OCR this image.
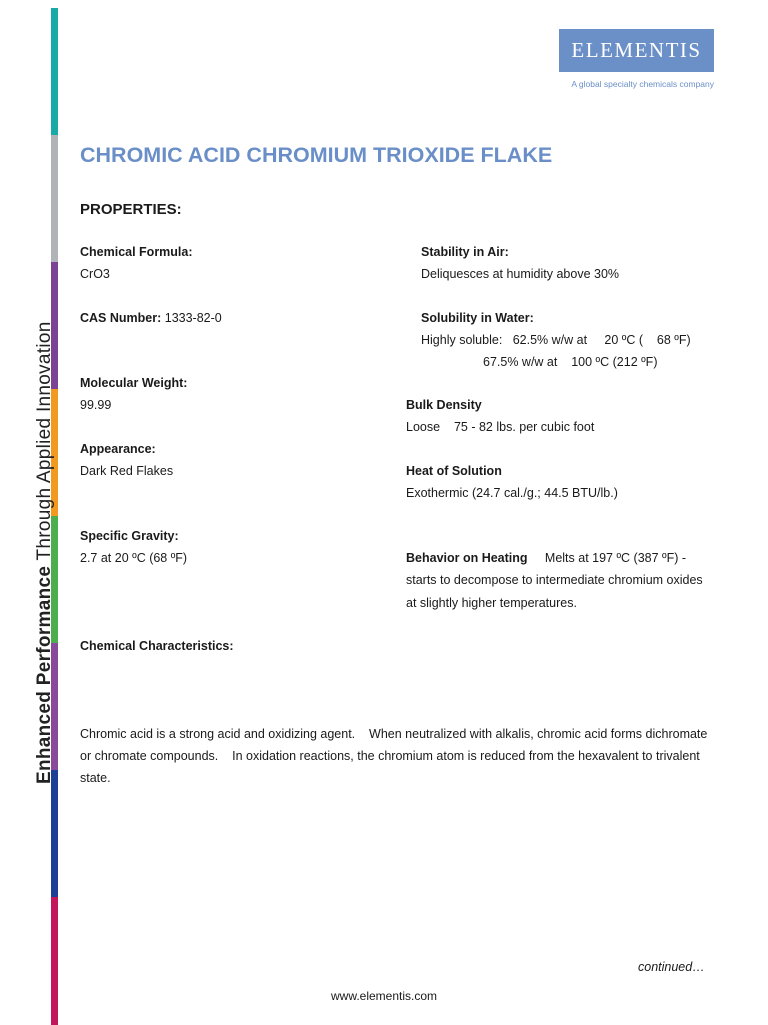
Enhanced Performance Through Applied Innovation
ELEMENTIS
A global specialty chemicals company
CHROMIC ACID CHROMIUM TRIOXIDE FLAKE
PROPERTIES:
Chemical Formula:
CrO3
CAS Number: 1333-82-0
Molecular Weight:
99.99
Appearance:
Dark Red Flakes
Specific Gravity:
2.7 at 20 ºC (68 ºF)
Chemical Characteristics:
Stability in Air:
Deliquesces at humidity above 30%
Solubility in Water:
Highly soluble:   62.5% w/w at     20 ºC (    68 ºF)
67.5% w/w at    100 ºC (212 ºF)
Bulk Density
Loose    75 - 82 lbs. per cubic foot
Heat of Solution
Exothermic (24.7 cal./g.; 44.5 BTU/lb.)
Behavior on Heating     Melts at 197 ºC (387 ºF) -
starts to decompose to intermediate chromium oxides
at slightly higher temperatures.
Chromic acid is a strong acid and oxidizing agent.    When neutralized with alkalis, chromic acid forms dichromate or chromate compounds.    In oxidation reactions, the chromium atom is reduced from the hexavalent to trivalent state.
continued…
www.elementis.com
